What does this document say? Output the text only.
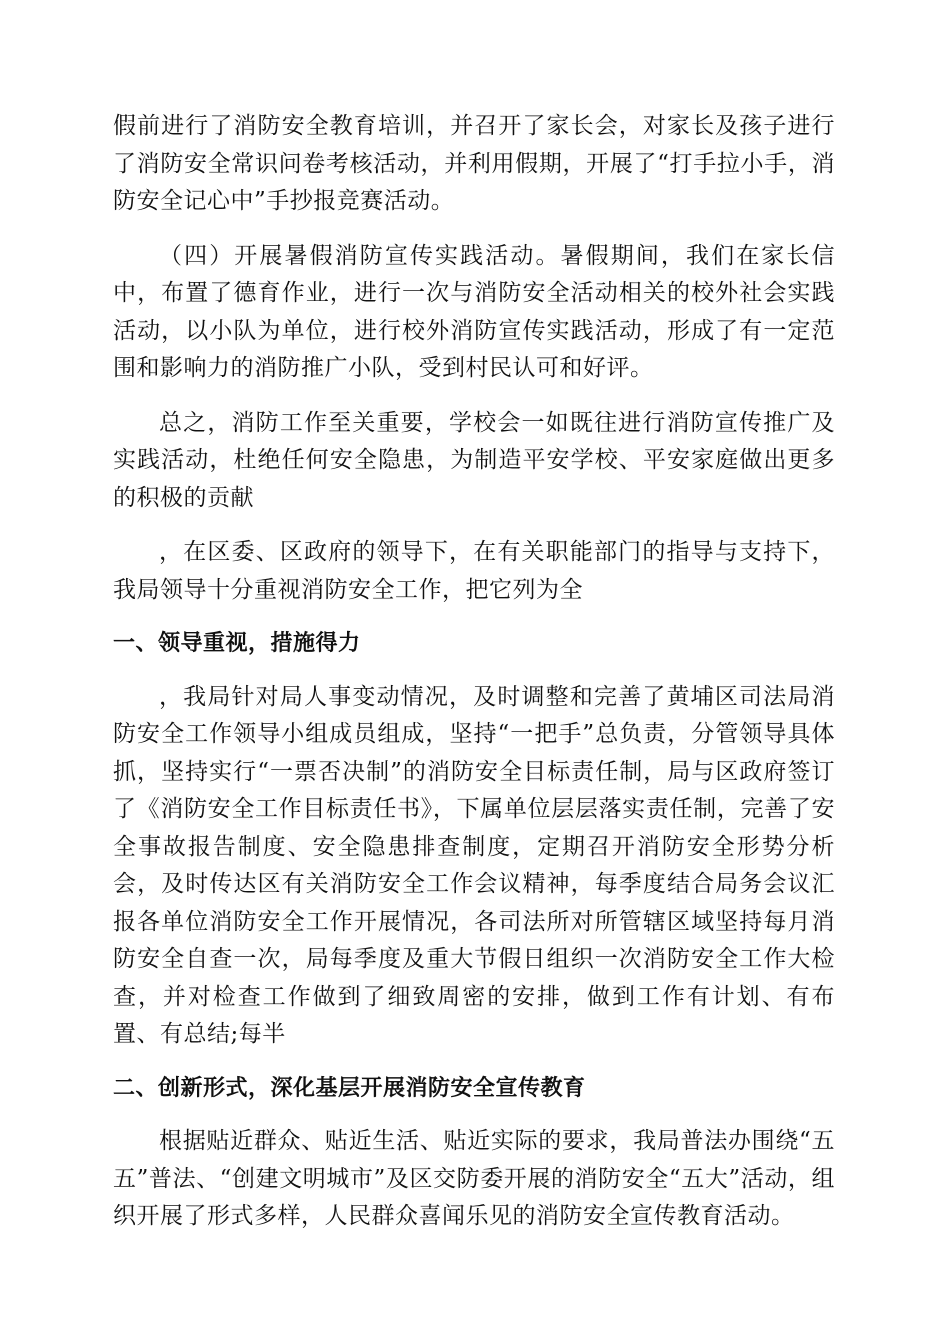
假前进行了消防安全教育培训，并召开了家长会，对家长及孩子进行了消防安全常识问卷考核活动，并利用假期，开展了“打手拉小手，消防安全记心中”手抄报竞赛活动。

（四）开展暑假消防宣传实践活动。暑假期间，我们在家长信中，布置了德育作业，进行一次与消防安全活动相关的校外社会实践活动，以小队为单位，进行校外消防宣传实践活动，形成了有一定范围和影响力的消防推广小队，受到村民认可和好评。

总之，消防工作至关重要，学校会一如既往进行消防宣传推广及实践活动，杜绝任何安全隐患，为制造平安学校、平安家庭做出更多的积极的贡献

，在区委、区政府的领导下，在有关职能部门的指导与支持下，我局领导十分重视消防安全工作，把它列为全

一、领导重视，措施得力

，我局针对局人事变动情况，及时调整和完善了黄埔区司法局消防安全工作领导小组成员组成，坚持“一把手”总负责，分管领导具体抓，坚持实行“一票否决制”的消防安全目标责任制，局与区政府签订了《消防安全工作目标责任书》，下属单位层层落实责任制，完善了安全事故报告制度、安全隐患排查制度，定期召开消防安全形势分析会，及时传达区有关消防安全工作会议精神，每季度结合局务会议汇报各单位消防安全工作开展情况，各司法所对所管辖区域坚持每月消防安全自查一次，局每季度及重大节假日组织一次消防安全工作大检查，并对检查工作做到了细致周密的安排，做到工作有计划、有布置、有总结;每半

二、创新形式，深化基层开展消防安全宣传教育

根据贴近群众、贴近生活、贴近实际的要求，我局普法办围绕“五五”普法、“创建文明城市”及区交防委开展的消防安全“五大”活动，组织开展了形式多样，人民群众喜闻乐见的消防安全宣传教育活动。
